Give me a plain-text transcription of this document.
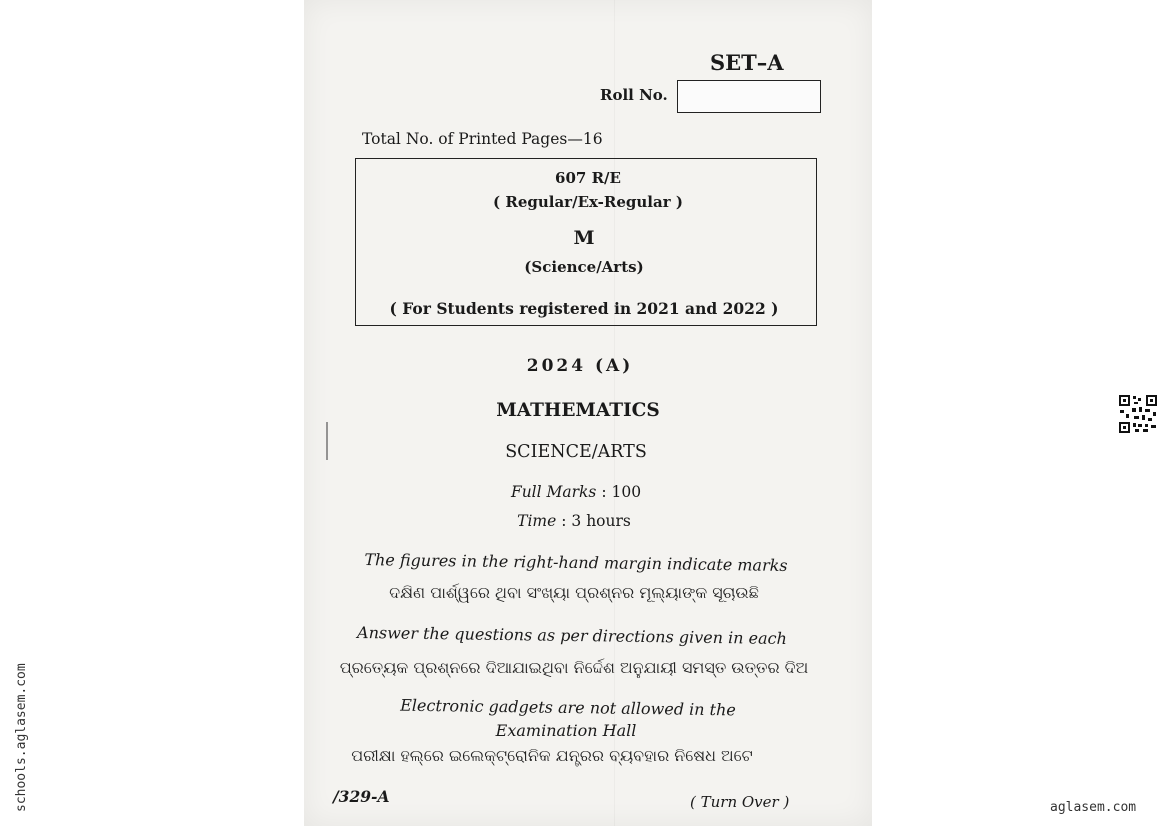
SET–A
Roll No.
Total No. of Printed Pages—16
607 R/E
( Regular/Ex-Regular )
M
(Science/Arts)
( For Students registered in 2021 and 2022 )
2024 (A)
MATHEMATICS
SCIENCE/ARTS
Full Marks : 100
Time : 3 hours
The figures in the right-hand margin indicate marks
ଦକ୍ଷିଣ ପାର୍ଶ୍ୱରେ ଥିବା ସଂଖ୍ୟା ପ୍ରଶ୍ନର ମୂଲ୍ୟାଙ୍କ ସୂଚାଉଛି
Answer the questions as per directions given in each
ପ୍ରତ୍ୟେକ ପ୍ରଶ୍ନରେ ଦିଆଯାଇଥିବା ନିର୍ଦ୍ଦେଶ ଅନୁଯାୟୀ ସମସ୍ତ ଉତ୍ତର ଦିଅ
Electronic gadgets are not allowed in the
Examination Hall
ପରୀକ୍ଷା ହଲ୍‌ରେ ଇଲେକ୍‌ଟ୍ରୋନିକ ଯନ୍ତ୍ରର ବ୍ୟବହାର ନିଷେଧ ଅଟେ
/329-A	( Turn Over )
schools.aglasem.com	aglasem.com
